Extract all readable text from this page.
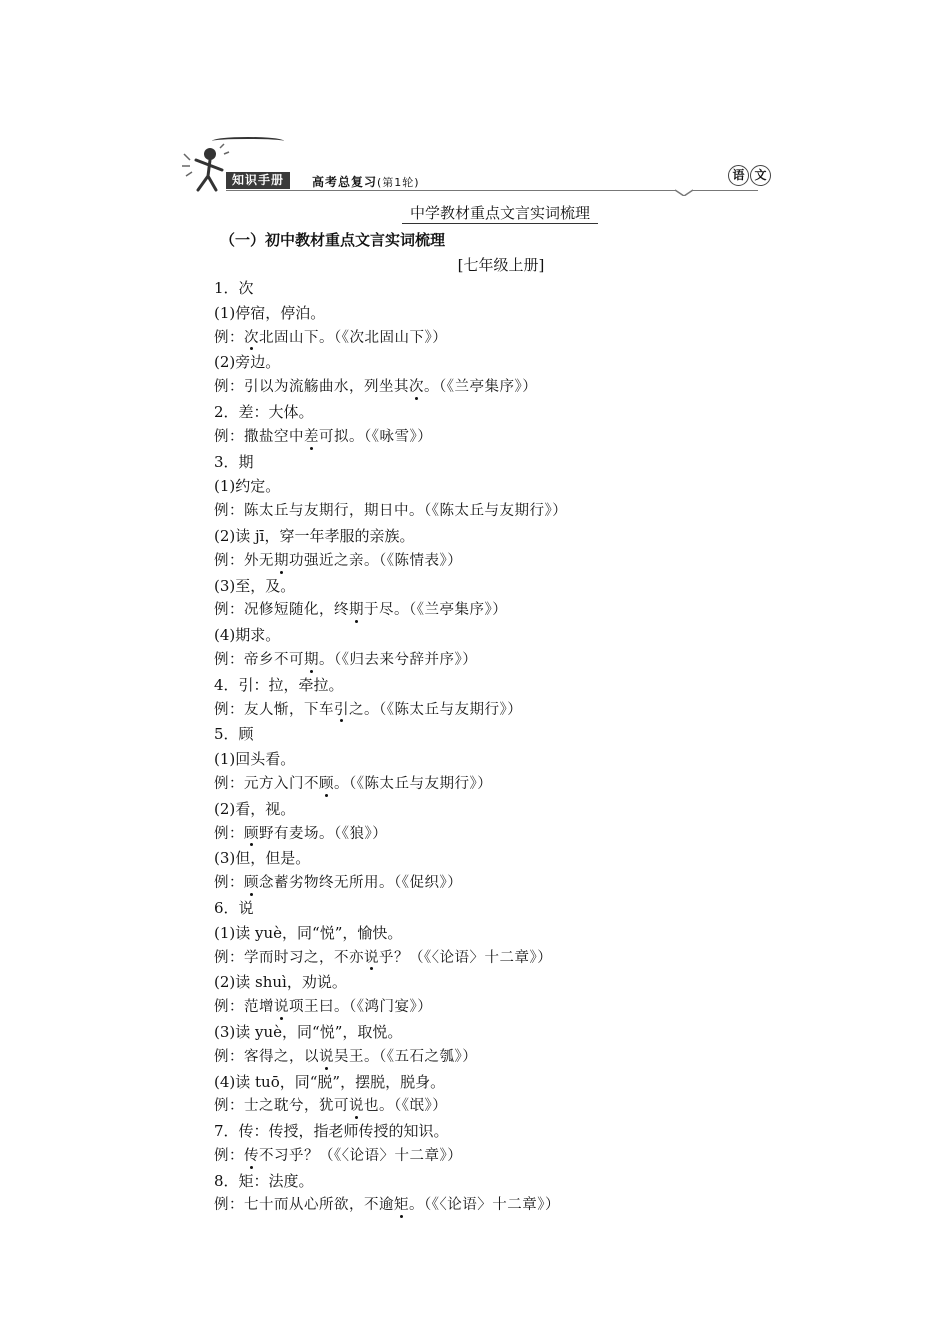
知识手册	高考总复习(第1轮)
语 文
中学教材重点文言实词梳理
（一）初中教材重点文言实词梳理
[七年级上册]
1．次
(1)停宿，停泊。
例：次北固山下。（《次北固山下》）
(2)旁边。
例：引以为流觞曲水，列坐其次。（《兰亭集序》）
2．差：大体。
例：撒盐空中差可拟。（《咏雪》）
3．期
(1)约定。
例：陈太丘与友期行，期日中。（《陈太丘与友期行》）
(2)读 jī，穿一年孝服的亲族。
例：外无期功强近之亲。（《陈情表》）
(3)至，及。
例：况修短随化，终期于尽。（《兰亭集序》）
(4)期求。
例：帝乡不可期。（《归去来兮辞并序》）
4．引：拉，牵拉。
例：友人惭，下车引之。（《陈太丘与友期行》）
5．顾
(1)回头看。
例：元方入门不顾。（《陈太丘与友期行》）
(2)看，视。
例：顾野有麦场。（《狼》）
(3)但，但是。
例：顾念蓄劣物终无所用。（《促织》）
6．说
(1)读 yuè，同“悦”，愉快。
例：学而时习之，不亦说乎？（《〈论语〉十二章》）
(2)读 shuì，劝说。
例：范增说项王曰。（《鸿门宴》）
(3)读 yuè，同“悦”，取悦。
例：客得之，以说吴王。（《五石之瓠》）
(4)读 tuō，同“脱”，摆脱，脱身。
例：士之耽兮，犹可说也。（《氓》）
7．传：传授，指老师传授的知识。
例：传不习乎？（《〈论语〉十二章》）
8．矩：法度。
例：七十而从心所欲，不逾矩。（《〈论语〉十二章》）
